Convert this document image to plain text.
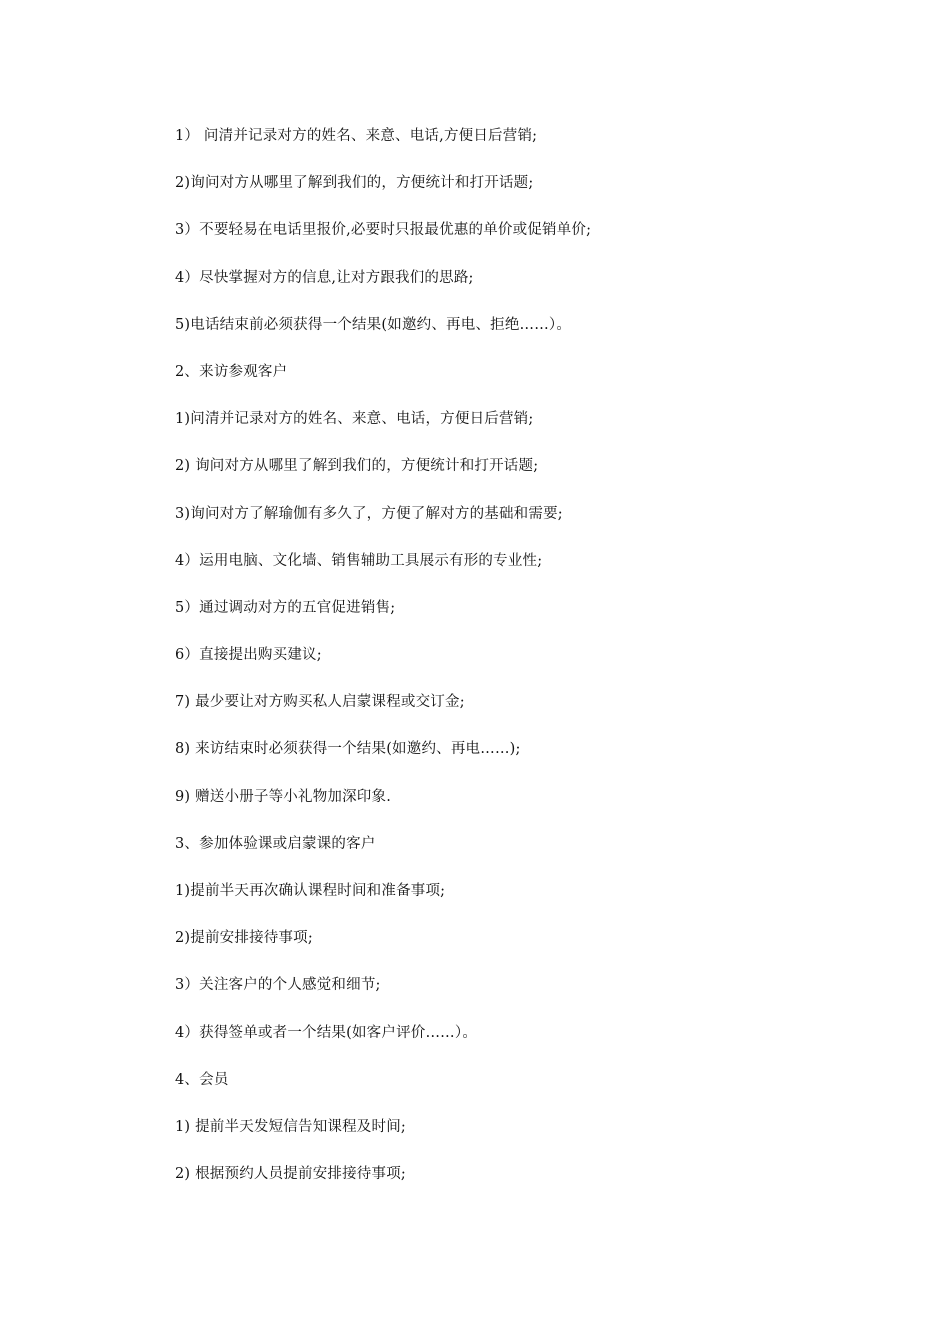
1） 问清并记录对方的姓名、来意、电话,方便日后营销;
2)询问对方从哪里了解到我们的，方便统计和打开话题;
3）不要轻易在电话里报价,必要时只报最优惠的单价或促销单价;
4）尽快掌握对方的信息,让对方跟我们的思路;
5)电话结束前必须获得一个结果(如邀约、再电、拒绝……）。
2、来访参观客户
1)问清并记录对方的姓名、来意、电话，方便日后营销;
2) 询问对方从哪里了解到我们的，方便统计和打开话题;
3)询问对方了解瑜伽有多久了，方便了解对方的基础和需要;
4）运用电脑、文化墙、销售辅助工具展示有形的专业性;
5）通过调动对方的五官促进销售;
6）直接提出购买建议;
7) 最少要让对方购买私人启蒙课程或交订金;
8) 来访结束时必须获得一个结果(如邀约、再电……);
9) 赠送小册子等小礼物加深印象.
3、参加体验课或启蒙课的客户
1)提前半天再次确认课程时间和准备事项;
2)提前安排接待事项;
3）关注客户的个人感觉和细节;
4）获得签单或者一个结果(如客户评价……）。
4、会员
1) 提前半天发短信告知课程及时间;
2) 根据预约人员提前安排接待事项;
